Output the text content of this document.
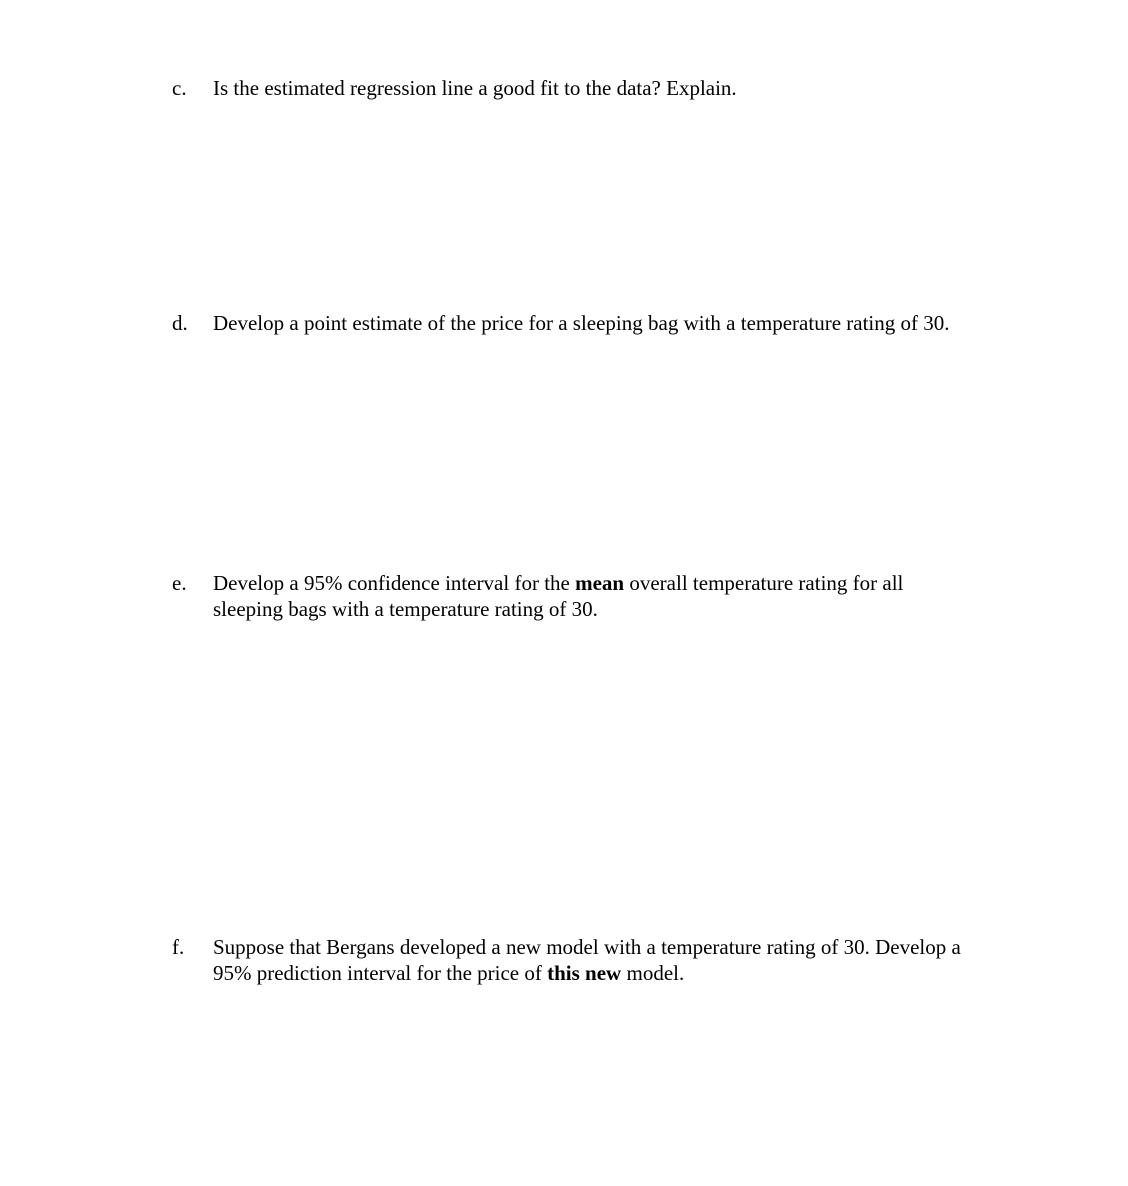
c. Is the estimated regression line a good fit to the data? Explain.
d. Develop a point estimate of the price for a sleeping bag with a temperature rating of 30.
e. Develop a 95% confidence interval for the mean overall temperature rating for all
sleeping bags with a temperature rating of 30.
f. Suppose that Bergans developed a new model with a temperature rating of 30. Develop a
95% prediction interval for the price of this new model.
